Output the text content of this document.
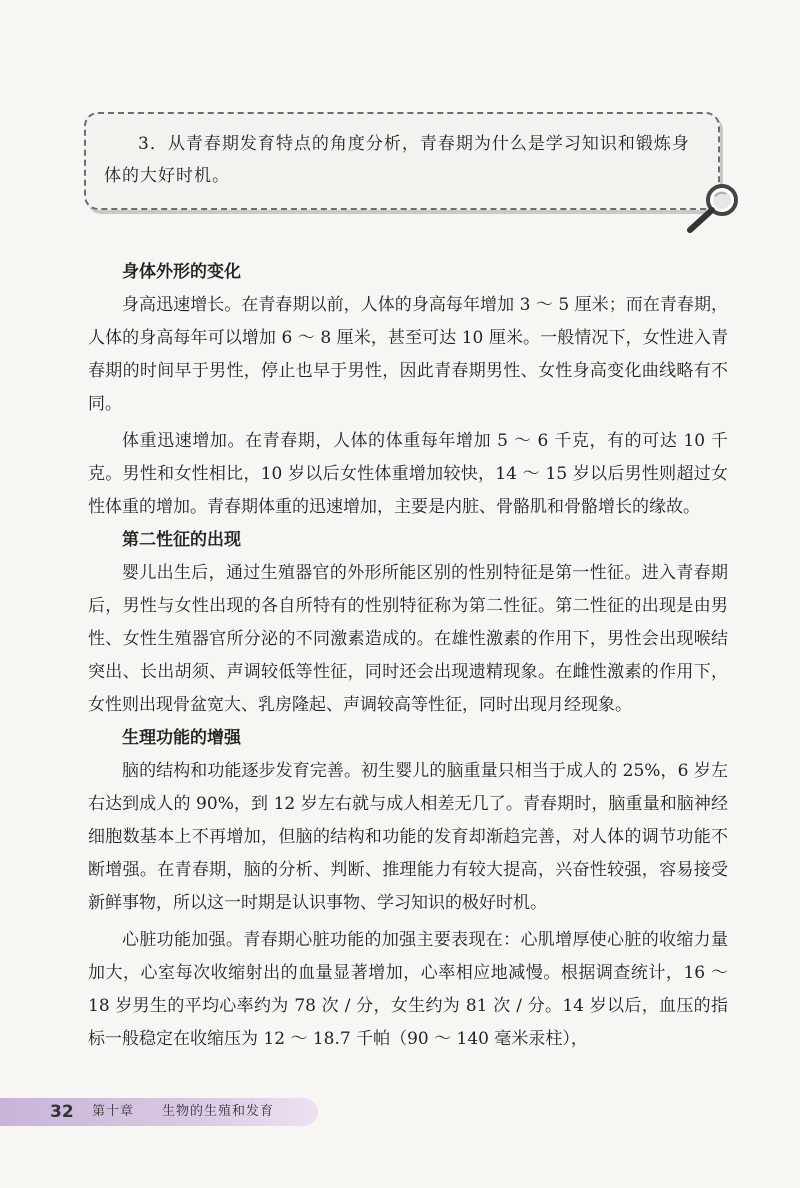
3．从青春期发育特点的角度分析，青春期为什么是学习知识和锻炼身体的大好时机。
身体外形的变化

身高迅速增长。在青春期以前，人体的身高每年增加 3 ～ 5 厘米；而在青春期，人体的身高每年可以增加 6 ～ 8 厘米，甚至可达 10 厘米。一般情况下，女性进入青春期的时间早于男性，停止也早于男性，因此青春期男性、女性身高变化曲线略有不同。

体重迅速增加。在青春期，人体的体重每年增加 5 ～ 6 千克，有的可达 10 千克。男性和女性相比，10 岁以后女性体重增加较快，14 ～ 15 岁以后男性则超过女性体重的增加。青春期体重的迅速增加，主要是内脏、骨骼肌和骨骼增长的缘故。

第二性征的出现

婴儿出生后，通过生殖器官的外形所能区别的性别特征是第一性征。进入青春期后，男性与女性出现的各自所特有的性别特征称为第二性征。第二性征的出现是由男性、女性生殖器官所分泌的不同激素造成的。在雄性激素的作用下，男性会出现喉结突出、长出胡须、声调较低等性征，同时还会出现遗精现象。在雌性激素的作用下，女性则出现骨盆宽大、乳房隆起、声调较高等性征，同时出现月经现象。

生理功能的增强

脑的结构和功能逐步发育完善。初生婴儿的脑重量只相当于成人的 25%，6 岁左右达到成人的 90%，到 12 岁左右就与成人相差无几了。青春期时，脑重量和脑神经细胞数基本上不再增加，但脑的结构和功能的发育却渐趋完善，对人体的调节功能不断增强。在青春期，脑的分析、判断、推理能力有较大提高，兴奋性较强，容易接受新鲜事物，所以这一时期是认识事物、学习知识的极好时机。

心脏功能加强。青春期心脏功能的加强主要表现在：心肌增厚使心脏的收缩力量加大，心室每次收缩射出的血量显著增加，心率相应地减慢。根据调查统计，16 ～ 18 岁男生的平均心率约为 78 次 / 分，女生约为 81 次 / 分。14 岁以后，血压的指标一般稳定在收缩压为 12 ～ 18.7 千帕（90 ～ 140 毫米汞柱），

32 第十章 生物的生殖和发育
